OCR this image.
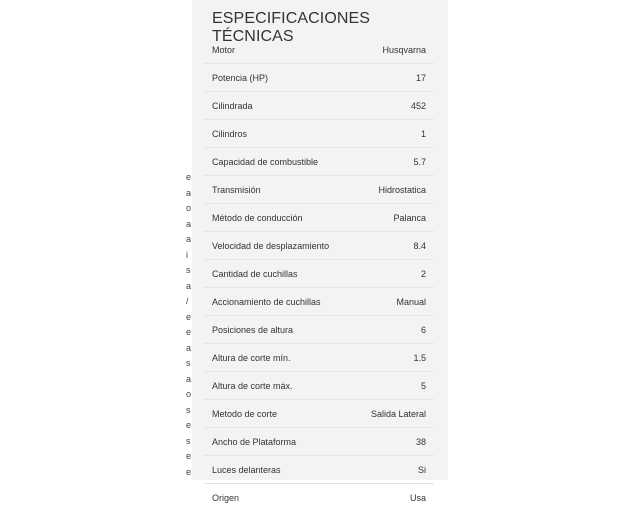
e
a
o
a
a
i
s
a
/
e
e
a
s
a
o
s
e
s
e
e
ESPECIFICACIONES TÉCNICAS
Motor	Husqvarna
Potencia (HP)	17
Cilindrada	452
Cilindros	1
Capacidad de combustible	5.7
Transmisión	Hidrostatica
Método de conducción	Palanca
Velocidad de desplazamiento	8.4
Cantidad de cuchillas	2
Accionamiento de cuchillas	Manual
Posiciones de altura	6
Altura de corte mín.	1.5
Altura de corte máx.	5
Metodo de corte	Salida Lateral
Ancho de Plataforma	38
Luces delanteras	Si
Origen	Usa
